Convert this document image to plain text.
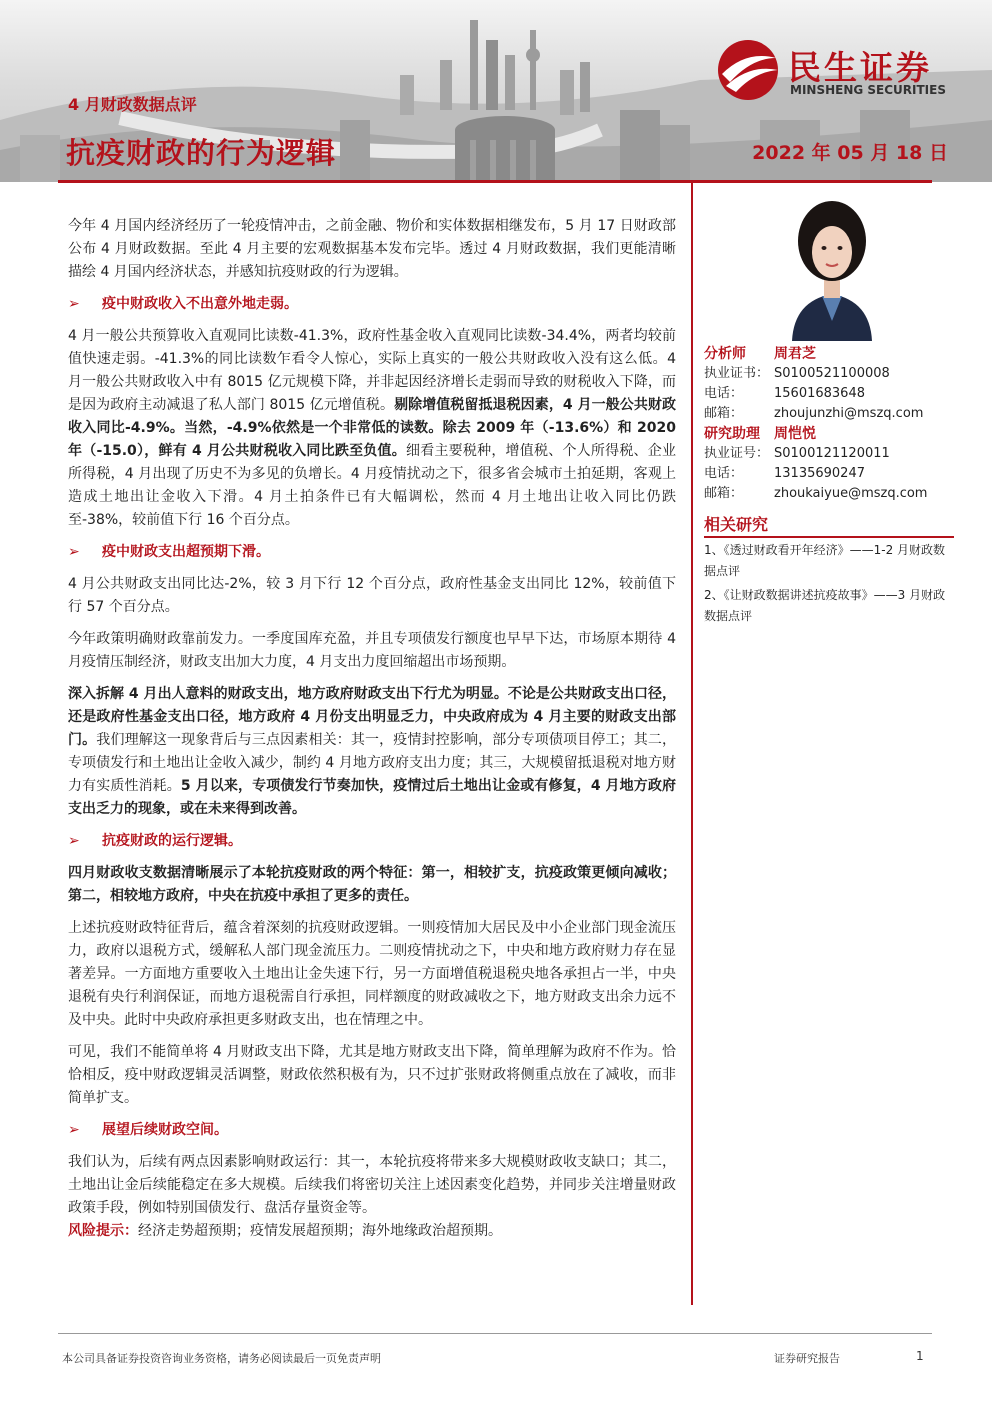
4 月财政数据点评
抗疫财政的行为逻辑	2022 年 05 月 18 日
民生证券
MINSHENG SECURITIES

今年 4 月国内经济经历了一轮疫情冲击，之前金融、物价和实体数据相继发布，5 月 17 日财政部公布 4 月财政数据。至此 4 月主要的宏观数据基本发布完毕。透过 4 月财政数据，我们更能清晰描绘 4 月国内经济状态，并感知抗疫财政的行为逻辑。

➢ 疫中财政收入不出意外地走弱。

4 月一般公共预算收入直观同比读数-41.3%，政府性基金收入直观同比读数-34.4%，两者均较前值快速走弱。-41.3%的同比读数乍看令人惊心，实际上真实的一般公共财政收入没有这么低。4 月一般公共财政收入中有 8015 亿元规模下降，并非起因经济增长走弱而导致的财税收入下降，而是因为政府主动减退了私人部门 8015 亿元增值税。剔除增值税留抵退税因素，4 月一般公共财政收入同比-4.9%。当然，-4.9%依然是一个非常低的读数。除去 2009 年（-13.6%）和 2020 年（-15.0），鲜有 4 月公共财税收入同比跌至负值。细看主要税种，增值税、个人所得税、企业所得税，4 月出现了历史不为多见的负增长。4 月疫情扰动之下，很多省会城市土拍延期，客观上造成土地出让金收入下滑。4 月土拍条件已有大幅调松，然而 4 月土地出让收入同比仍跌至-38%，较前值下行 16 个百分点。

➢ 疫中财政支出超预期下滑。

4 月公共财政支出同比达-2%，较 3 月下行 12 个百分点，政府性基金支出同比 12%，较前值下行 57 个百分点。

今年政策明确财政靠前发力。一季度国库充盈，并且专项债发行额度也早早下达，市场原本期待 4 月疫情压制经济，财政支出加大力度，4 月支出力度回缩超出市场预期。

深入拆解 4 月出人意料的财政支出，地方政府财政支出下行尤为明显。不论是公共财政支出口径，还是政府性基金支出口径，地方政府 4 月份支出明显乏力，中央政府成为 4 月主要的财政支出部门。我们理解这一现象背后与三点因素相关：其一，疫情封控影响，部分专项债项目停工；其二，专项债发行和土地出让金收入减少，制约 4 月地方政府支出力度；其三，大规模留抵退税对地方财力有实质性消耗。5 月以来，专项债发行节奏加快，疫情过后土地出让金或有修复，4 月地方政府支出乏力的现象，或在未来得到改善。

➢ 抗疫财政的运行逻辑。

四月财政收支数据清晰展示了本轮抗疫财政的两个特征：第一，相较扩支，抗疫政策更倾向减收；第二，相较地方政府，中央在抗疫中承担了更多的责任。

上述抗疫财政特征背后，蕴含着深刻的抗疫财政逻辑。一则疫情加大居民及中小企业部门现金流压力，政府以退税方式，缓解私人部门现金流压力。二则疫情扰动之下，中央和地方政府财力存在显著差异。一方面地方重要收入土地出让金失速下行，另一方面增值税退税央地各承担占一半，中央退税有央行利润保证，而地方退税需自行承担，同样额度的财政减收之下，地方财政支出余力远不及中央。此时中央政府承担更多财政支出，也在情理之中。

可见，我们不能简单将 4 月财政支出下降，尤其是地方财政支出下降，简单理解为政府不作为。恰恰相反，疫中财政逻辑灵活调整，财政依然积极有为，只不过扩张财政将侧重点放在了减收，而非简单扩支。

➢ 展望后续财政空间。

我们认为，后续有两点因素影响财政运行：其一，本轮抗疫将带来多大规模财政收支缺口；其二，土地出让金后续能稳定在多大规模。后续我们将密切关注上述因素变化趋势，并同步关注增量财政政策手段，例如特别国债发行、盘活存量资金等。

风险提示：经济走势超预期；疫情发展超预期；海外地缘政治超预期。

分析师 周君芝
执业证书： S0100521100008
电话： 15601683648
邮箱： zhoujunzhi@mszq.com
研究助理 周恺悦
执业证号： S0100121120011
电话： 13135690247
邮箱： zhoukaiyue@mszq.com
相关研究
1、《透过财政看开年经济》——1-2 月财政数据点评
2、《让财政数据讲述抗疫故事》——3 月财政数据点评
本公司具备证券投资咨询业务资格，请务必阅读最后一页免责声明	证券研究报告	1
